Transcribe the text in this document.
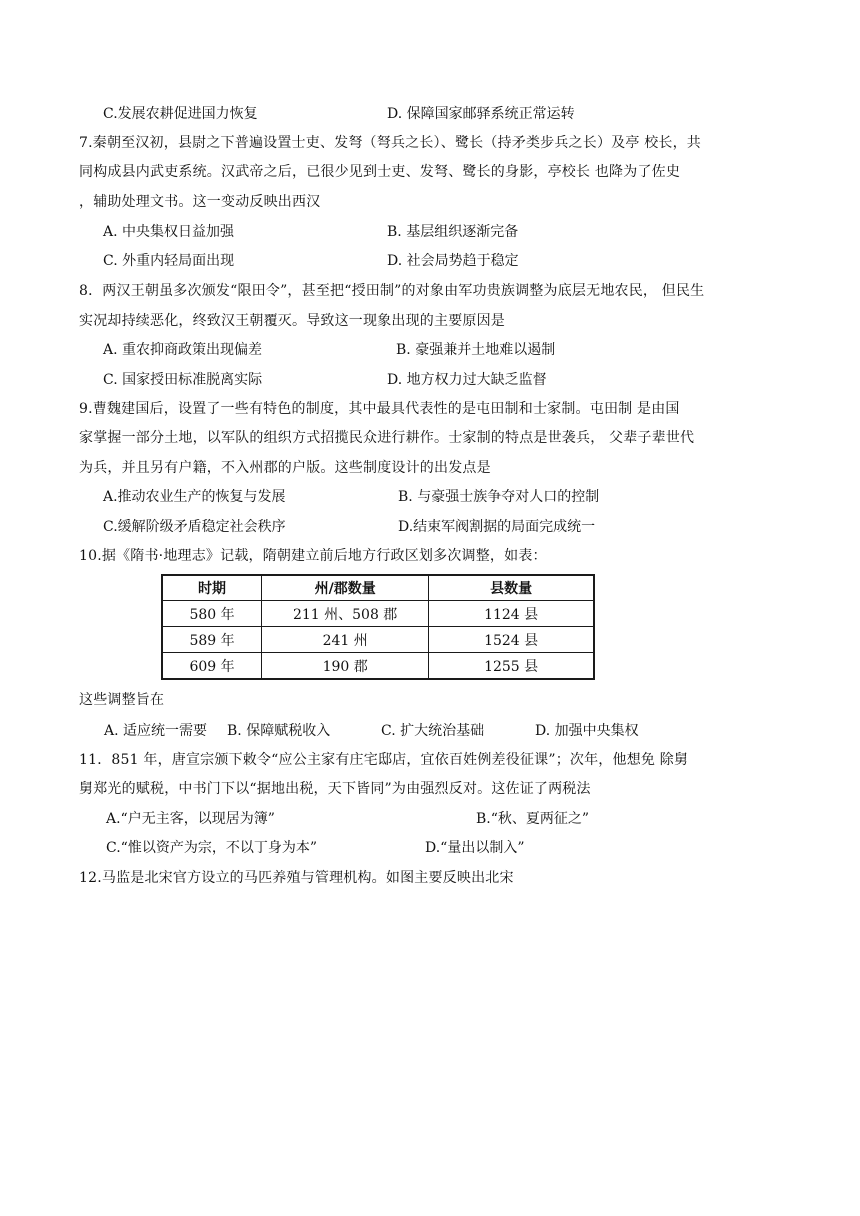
C.发展农耕促进国力恢复	D. 保障国家邮驿系统正常运转
7.秦朝至汉初，县尉之下普遍设置士吏、发弩（弩兵之长）、鹭长（持矛类步兵之长）及亭 校长，共
同构成县内武吏系统。汉武帝之后，已很少见到士吏、发弩、鹭长的身影，亭校长 也降为了佐史
，辅助处理文书。这一变动反映出西汉
A. 中央集权日益加强	B. 基层组织逐渐完备
C. 外重内轻局面出现	D. 社会局势趋于稳定
8．两汉王朝虽多次颁发“限田令”，甚至把“授田制”的对象由军功贵族调整为底层无地农民， 但民生
实况却持续恶化，终致汉王朝覆灭。导致这一现象出现的主要原因是
A. 重农抑商政策出现偏差	B. 豪强兼并土地难以遏制
C. 国家授田标准脱离实际	D. 地方权力过大缺乏监督
9.曹魏建国后，设置了一些有特色的制度，其中最具代表性的是屯田制和士家制。屯田制 是由国
家掌握一部分土地，以军队的组织方式招揽民众进行耕作。士家制的特点是世袭兵， 父辈子辈世代
为兵，并且另有户籍，不入州郡的户版。这些制度设计的出发点是
A.推动农业生产的恢复与发展	B. 与豪强士族争夺对人口的控制
C.缓解阶级矛盾稳定社会秩序	D.结束军阀割据的局面完成统一
10.据《隋书·地理志》记载，隋朝建立前后地方行政区划多次调整，如表：
时期	州/郡数量	县数量
580 年	211 州、508 郡	1124 县
589 年	241 州	1524 县
609 年	190 郡	1255 县
这些调整旨在
A. 适应统一需要 B. 保障赋税收入	C. 扩大统治基础	D. 加强中央集权
11．851 年，唐宣宗颁下敕令“应公主家有庄宅邸店，宜依百姓例差役征课”；次年，他想免 除舅
舅郑光的赋税，中书门下以“据地出税，天下皆同”为由强烈反对。这佐证了两税法
A.“户无主客，以现居为簿”	B.“秋、夏两征之”
C.“惟以资产为宗，不以丁身为本”	D.“量出以制入”
12.马监是北宋官方设立的马匹养殖与管理机构。如图主要反映出北宋
